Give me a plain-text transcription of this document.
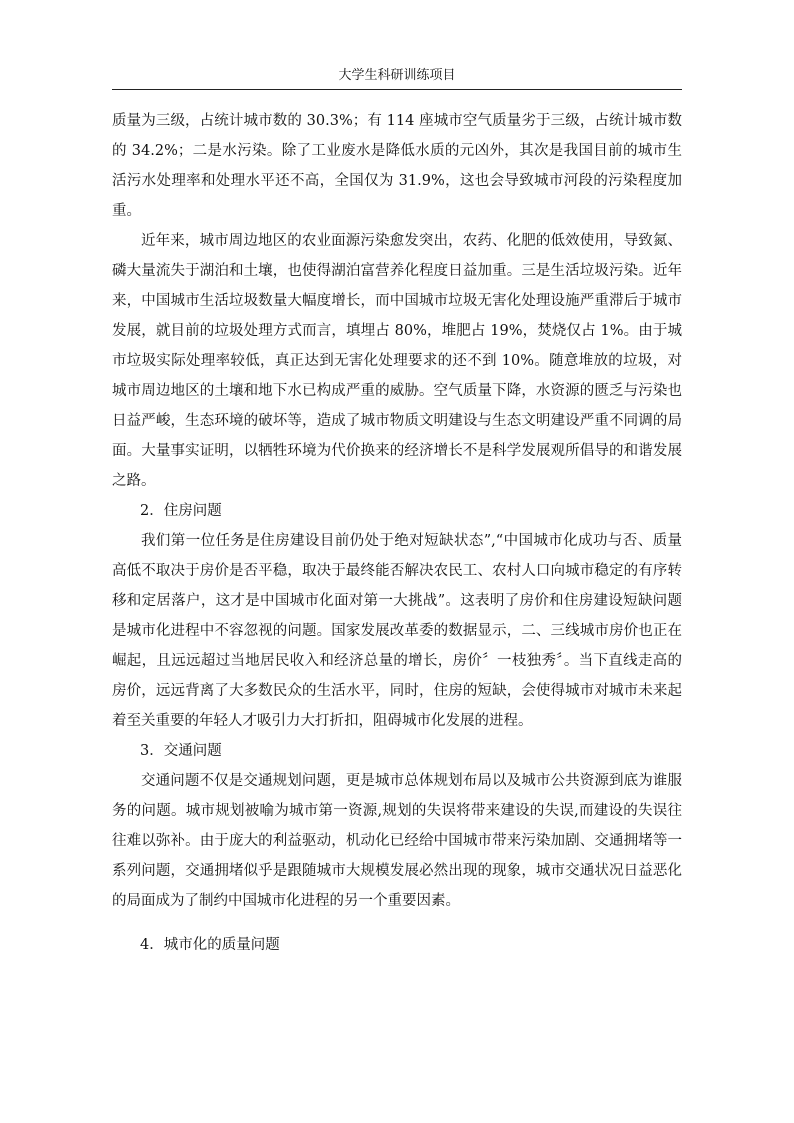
大学生科研训练项目

质量为三级，占统计城市数的 30.3%；有 114 座城市空气质量劣于三级，占统计城市数的 34.2%；二是水污染。除了工业废水是降低水质的元凶外，其次是我国目前的城市生活污水处理率和处理水平还不高，全国仅为 31.9%，这也会导致城市河段的污染程度加重。

近年来，城市周边地区的农业面源污染愈发突出，农药、化肥的低效使用，导致氮、磷大量流失于湖泊和土壤，也使得湖泊富营养化程度日益加重。三是生活垃圾污染。近年来，中国城市生活垃圾数量大幅度增长，而中国城市垃圾无害化处理设施严重滞后于城市发展，就目前的垃圾处理方式而言，填埋占 80%，堆肥占 19%，焚烧仅占 1%。由于城市垃圾实际处理率较低，真正达到无害化处理要求的还不到 10%。随意堆放的垃圾，对城市周边地区的土壤和地下水已构成严重的威胁。空气质量下降，水资源的匮乏与污染也日益严峻，生态环境的破坏等，造成了城市物质文明建设与生态文明建设严重不同调的局面。大量事实证明，以牺牲环境为代价换来的经济增长不是科学发展观所倡导的和谐发展之路。

2．住房问题

我们第一位任务是住房建设目前仍处于绝对短缺状态”,“中国城市化成功与否、质量高低不取决于房价是否平稳，取决于最终能否解决农民工、农村人口向城市稳定的有序转移和定居落户，这才是中国城市化面对第一大挑战”。这表明了房价和住房建设短缺问题是城市化进程中不容忽视的问题。国家发展改革委的数据显示，二、三线城市房价也正在崛起，且远远超过当地居民收入和经济总量的增长，房价〞一枝独秀〞。当下直线走高的房价，远远背离了大多数民众的生活水平，同时，住房的短缺，会使得城市对城市未来起着至关重要的年轻人才吸引力大打折扣，阻碍城市化发展的进程。

3．交通问题

交通问题不仅是交通规划问题，更是城市总体规划布局以及城市公共资源到底为谁服务的问题。城市规划被喻为城市第一资源,规划的失误将带来建设的失误,而建设的失误往往难以弥补。由于庞大的利益驱动，机动化已经给中国城市带来污染加剧、交通拥堵等一系列问题，交通拥堵似乎是跟随城市大规模发展必然出现的现象，城市交通状况日益恶化的局面成为了制约中国城市化进程的另一个重要因素。

4．城市化的质量问题
